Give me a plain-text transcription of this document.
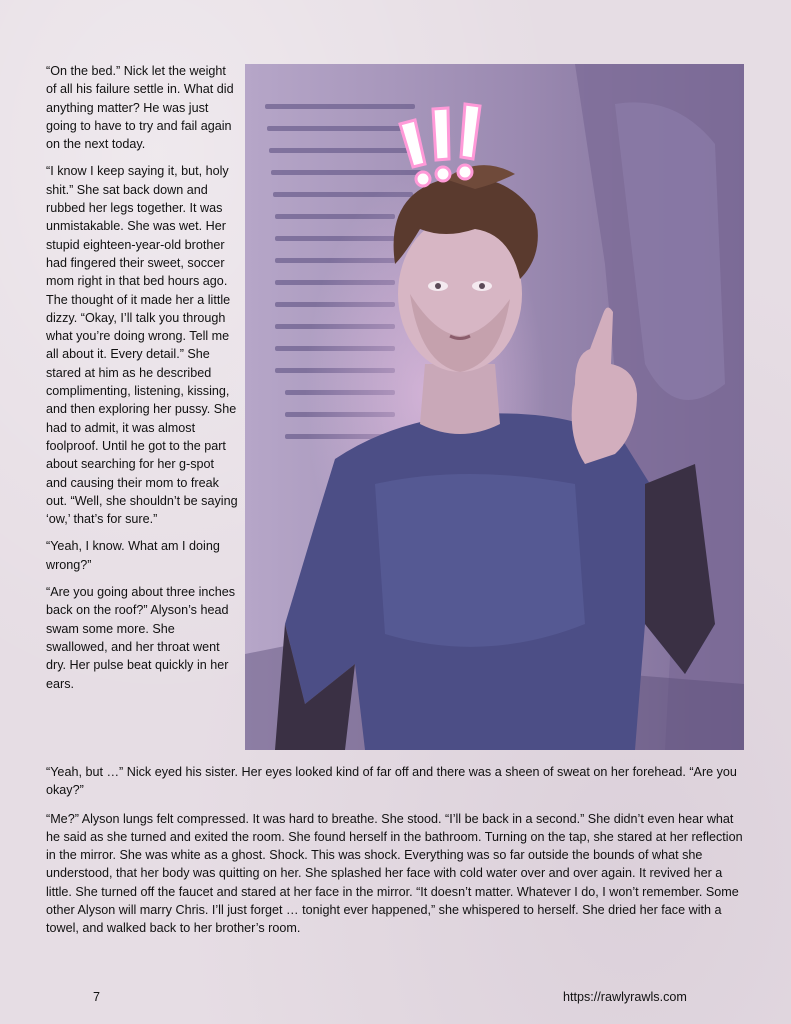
“On the bed.” Nick let the weight of all his failure settle in. What did anything matter? He was just going to have to try and fail again on the next today.

“I know I keep saying it, but, holy shit.” She sat back down and rubbed her legs together. It was unmistakable. She was wet. Her stupid eighteen-year-old brother had fingered their sweet, soccer mom right in that bed hours ago. The thought of it made her a little dizzy. “Okay, I’ll talk you through what you’re doing wrong. Tell me all about it. Every detail.” She stared at him as he described complimenting, listening, kissing, and then exploring her pussy. She had to admit, it was almost foolproof. Until he got to the part about searching for her g-spot and causing their mom to freak out. “Well, she shouldn’t be saying ‘ow,’ that’s for sure.”

“Yeah, I know. What am I doing wrong?”

“Are you going about three inches back on the roof?” Alyson’s head swam some more. She swallowed, and her throat went dry. Her pulse beat quickly in her ears.

“Yeah, but …” Nick eyed his sister. Her eyes looked kind of far off and there was a sheen of sweat on her forehead. “Are you okay?”

“Me?” Alyson lungs felt compressed. It was hard to breathe. She stood. “I’ll be back in a second.” She didn’t even hear what he said as she turned and exited the room. She found herself in the bathroom. Turning on the tap, she stared at her reflection in the mirror. She was white as a ghost. Shock. This was shock. Everything was so far outside the bounds of what she understood, that her body was quitting on her. She splashed her face with cold water over and over again. It revived her a little. She turned off the faucet and stared at her face in the mirror. “It doesn’t matter. Whatever I do, I won’t remember. Some other Alyson will marry Chris. I’ll just forget … tonight ever happened,” she whispered to herself. She dried her face with a towel, and walked back to her brother’s room.

7	https://rawlyrawls.com
